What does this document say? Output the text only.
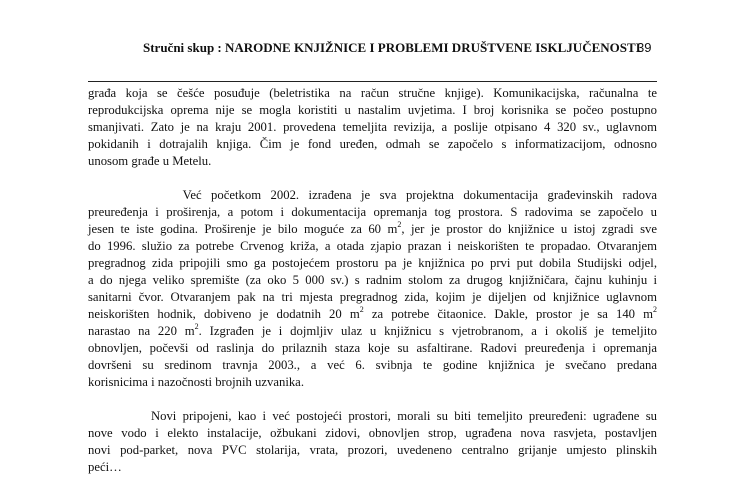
Stručni skup : NARODNE KNJIŽNICE I PROBLEMI DRUŠTVENE ISKLJUČENOSTI
39
građa koja se češće posuđuje (beletristika na račun stručne knjige). Komunikacijska, računalna te
reprodukcijska oprema nije se mogla koristiti u nastalim uvjetima. I broj korisnika se počeo postupno
smanjivati. Zato je na kraju 2001. provedena temeljita revizija, a poslije otpisano 4 320 sv., uglavnom
pokidanih i dotrajalih knjiga. Čim je fond uređen, odmah se započelo s informatizacijom, odnosno
unosom građe u Metelu.
Već početkom 2002. izrađena je sva projektna dokumentacija građevinskih radova
preuređenja i proširenja, a potom i dokumentacija opremanja tog prostora. S radovima se započelo u
jesen te iste godina. Proširenje je bilo moguće za 60 $m^2$, jer je prostor do knjižnice u istoj zgradi sve
do 1996. služio za potrebe Crvenog križa, a otada zjapio prazan i neiskorišten te propadao. Otvaranjem
pregradnog zida pripojili smo ga postojećem prostoru pa je knjižnica po prvi put dobila Studijski odjel,
a do njega veliko spremište (za oko 5 000 sv.) s radnim stolom za drugog knjižničara, čajnu kuhinju i
sanitarni čvor. Otvaranjem pak na tri mjesta pregradnog zida, kojim je dijeljen od knjižnice uglavnom
neiskorišten hodnik, dobiveno je dodatnih 20 $m^2$ za potrebe čitaonice. Dakle, prostor je sa 140 $m^2$
narastao na 220 $m^2$. Izgrađen je i dojmljiv ulaz u knjižnicu s vjetrobranom, a i okoliš je temeljito
obnovljen, počevši od raslinja do prilaznih staza koje su asfaltirane. Radovi preuređenja i opremanja
dovršeni su sredinom travnja 2003., a već 6. svibnja te godine knjižnica je svečano predana
korisnicima i nazočnosti brojnih uzvanika.
Novi pripojeni, kao i već postojeći prostori, morali su biti temeljito preuređeni: ugrađene su
nove vodo i elekto instalacije, ožbukani zidovi, obnovljen strop, ugrađena nova rasvjeta, postavljen
novi pod-parket, nova PVC stolarija, vrata, prozori, uvedeneno centralno grijanje umjesto plinskih
peći…
